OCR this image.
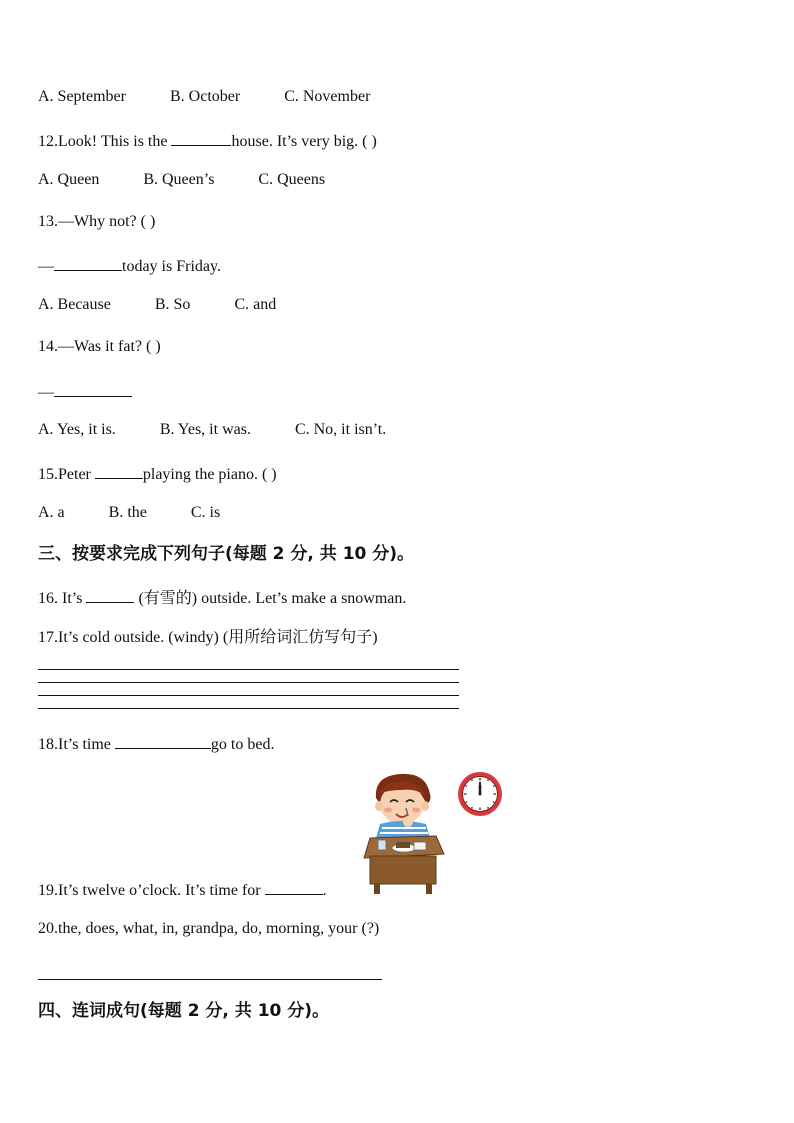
A. September	B. October	C. November
12.Look! This is the	house. It’s very big. ( )
A. Queen	B. Queen’s	C. Queens
13.—Why not? ( )
—	today is Friday.
A. Because	B. So	C. and
14.—Was it fat? ( )
—
A. Yes, it is.	B. Yes, it was.	C. No, it isn’t.
15.Peter	playing the piano. ( )
A. a	B. the	C. is
三、按要求完成下列句子(每题 2 分, 共 10 分)。
16. It’s	(有雪的) outside. Let’s make a snowman.
17.It’s cold outside. (windy) (用所给词汇仿写句子)
18.It’s time	go to bed.
19.It’s twelve o’clock. It’s time for	.
20.the, does, what, in, grandpa, do, morning, your (?)
四、连词成句(每题 2 分, 共 10 分)。
